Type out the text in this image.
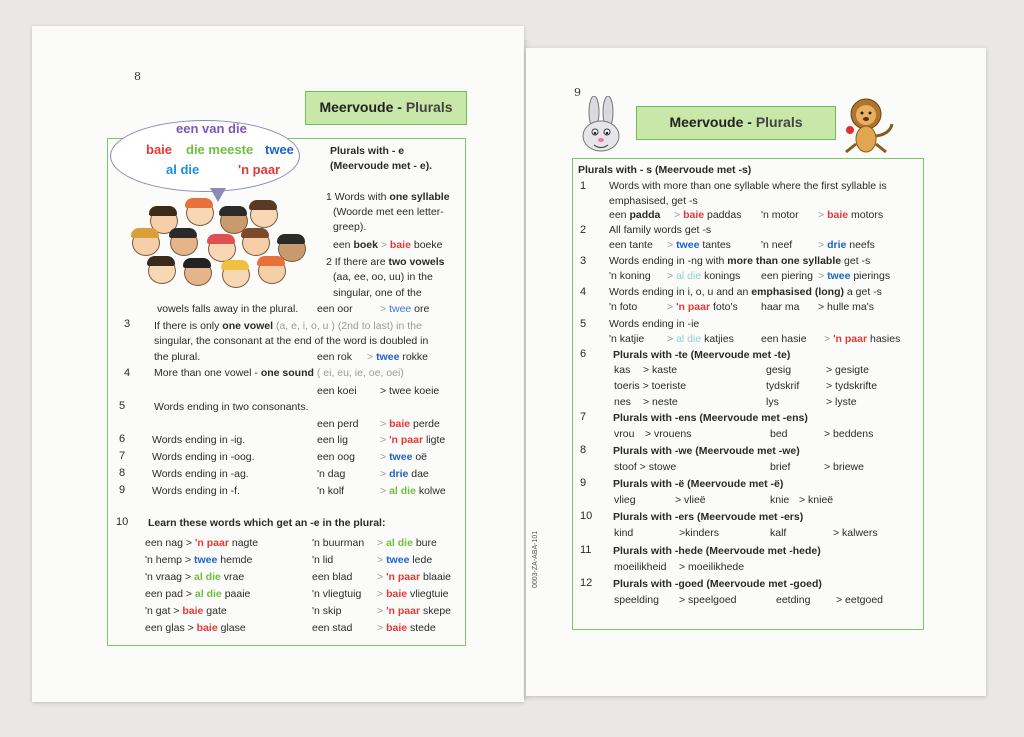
8
Meervoude - Plurals
een van die
baie die meeste twee
al die	'n paar
Plurals with - e
(Meervoude met - e).
1 Words with one syllable
(Woorde met een letter-
greep).
een boek > baie boeke
2 If there are two vowels
(aa, ee, oo, uu) in the
singular, one of the
vowels falls away in the plural. een oor	> twee ore
3 If there is only one vowel (a, e, i, o, u ) (2nd to last) in the
singular, the consonant at the end of the word is doubled in
the plural.	een rok > twee rokke
4 More than one vowel - one sound ( ei, eu, ie, oe, oei)
een koei > twee koeie
5	Words ending in two consonants.
een perd > baie perde
6	Words ending in -ig.	een lig	> 'n paar ligte
7	Words ending in -oog.	een oog > twee oë
8	Words ending in -ag.	'n dag	> drie dae
9	Words ending in -f.	'n kolf	> al die kolwe
10 Learn these words which get an -e in the plural:
een nag > 'n paar nagte	'n buurman > al die bure
'n hemp > twee hemde	'n lid	> twee lede
'n vraag > al die vrae	een blad > 'n paar blaaie
een pad > al die paaie	'n vliegtuig > baie vliegtuie
'n gat > baie gate	'n skip	> 'n paar skepe
een glas > baie glase	een stad > baie stede
9
Meervoude - Plurals
Plurals with - s (Meervoude met -s)
1 Words with more than one syllable where the first syllable is
emphasised, get -s
een padda > baie paddas 'n motor > baie motors
2 All family words get -s
een tante > twee tantes	'n neef > drie neefs
3 Words ending in -ng with more than one syllable get -s
'n koning > al die konings een piering > twee pierings
4 Words ending in i, o, u and an emphasised (long) a get -s
'n foto	> 'n paar foto's haar ma > hulle ma's
5 Words ending in -ie
'n katjie > al die katjies	een hasie > 'n paar hasies
6	Plurals with -te (Meervoude met -te)
kas > kaste	gesig	> gesigte
toeris > toeriste	tydskrif	> tydskrifte
nes > neste	lys	> lyste
7	Plurals with -ens (Meervoude met -ens)
vrou > vrouens	bed	> beddens
8	Plurals with -we (Meervoude met -we)
stoof > stowe	brief	> briewe
9	Plurals with -ë (Meervoude met -ë)
vlieg	> vlieë	knie > knieë
10 Plurals with -ers (Meervoude met -ers)
kind	>kinders	kalf	> kalwers
11 Plurals with -hede (Meervoude met -hede)
moeilikheid > moeilikhede
12 Plurals with -goed (Meervoude met -goed)
speelding > speelgoed	eetding > eetgoed
0003-ZA-ABA-101
